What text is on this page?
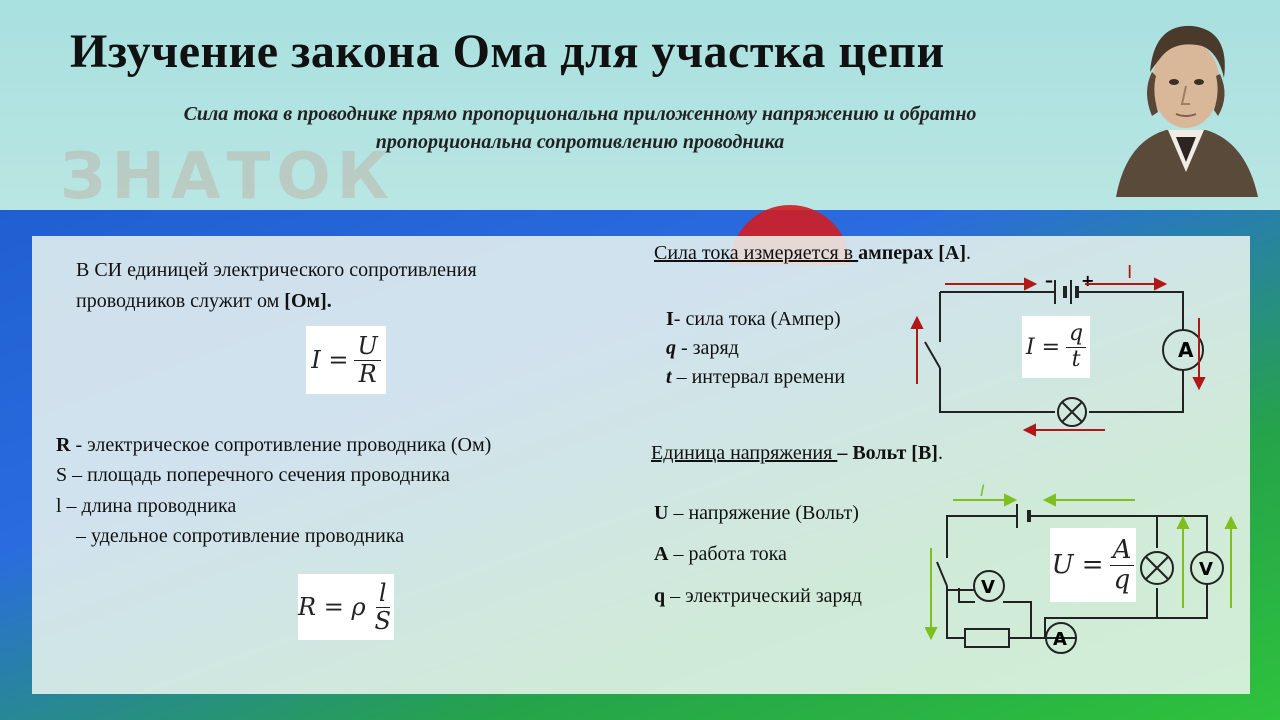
ЗНАТОК
Изучение закона Ома для участка цепи
Сила тока в проводнике прямо пропорциональна приложенному напряжению и обратно
пропорциональна сопротивлению проводника
В СИ единицей электрического сопротивления
проводников служит ом [Ом].
$I = \frac{U}{R}$
R - электрическое сопротивление проводника (Ом)
S – площадь поперечного сечения проводника
l – длина проводника
– удельное сопротивление проводника
R = ρ $\frac{l}{S}$
Сила тока измеряется в амперах [А].
I- сила тока (Ампер)
q - заряд
t – интервал времени
Единица напряжения – Вольт [В].
U – напряжение (Вольт)
A – работа тока
q – электрический заряд
A
– + I
$I = \frac{q}{t}$
V
A
V
I
$U = \frac{A}{q}$
